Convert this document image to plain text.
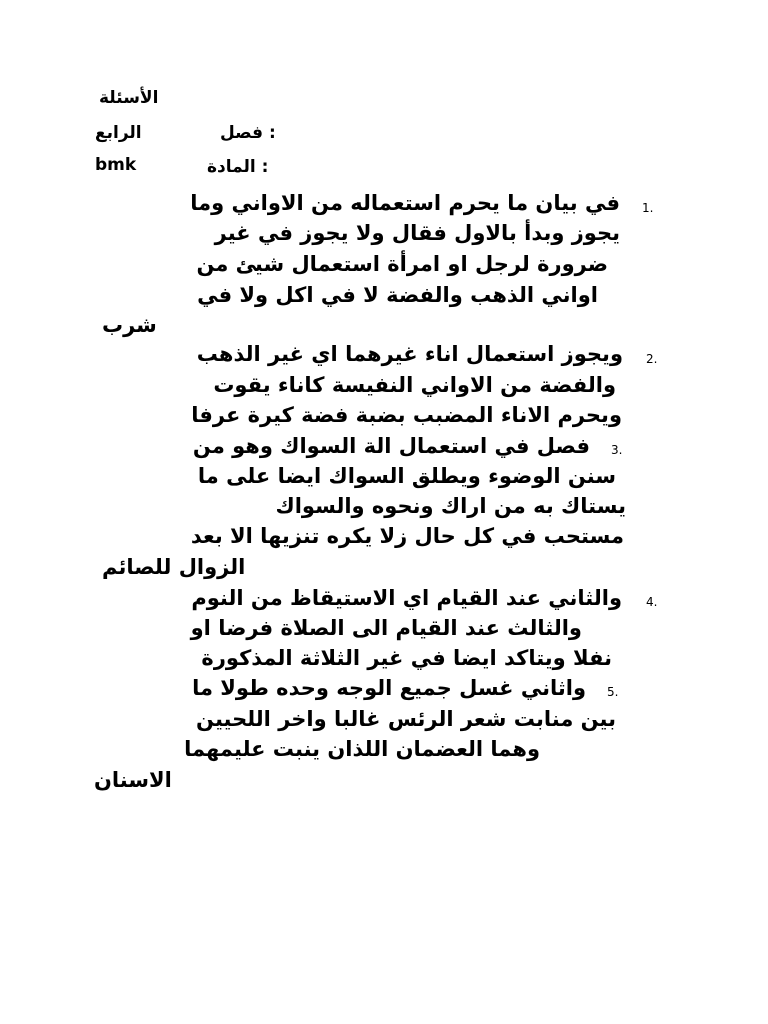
الأسئلة
فصل :
الرابع
المادة :
bmk
1.
2.
3.
4.
5.
في بيان ما يحرم استعماله من الاواني وما
يجوز وبدأ بالاول فقال ولا يجوز في غير
ضرورة لرجل او امرأة استعمال شيئ من
اواني الذهب والفضة لا في اكل ولا في
شرب
ويجوز استعمال اناء غيرهما اي غير الذهب
والفضة من الاواني النفيسة كاناء يقوت
ويحرم الاناء المضبب بضبة فضة كيرة عرفا
فصل في استعمال الة السواك وهو من
سنن الوضوء ويطلق السواك ايضا على ما
يستاك به من اراك ونحوه والسواك
مستحب في كل حال زلا يكره تنزيها الا بعد
الزوال للصائم
والثاني عند القيام اي الاستيقاظ من النوم
والثالث عند القيام الى الصلاة فرضا او
نفلا ويتاكد ايضا في غير الثلاثة المذكورة
واثاني غسل جميع الوجه وحده طولا ما
بين منابت شعر الرئس غالبا واخر اللحيين
وهما العضمان اللذان ينبت عليمهما
الاسنان
